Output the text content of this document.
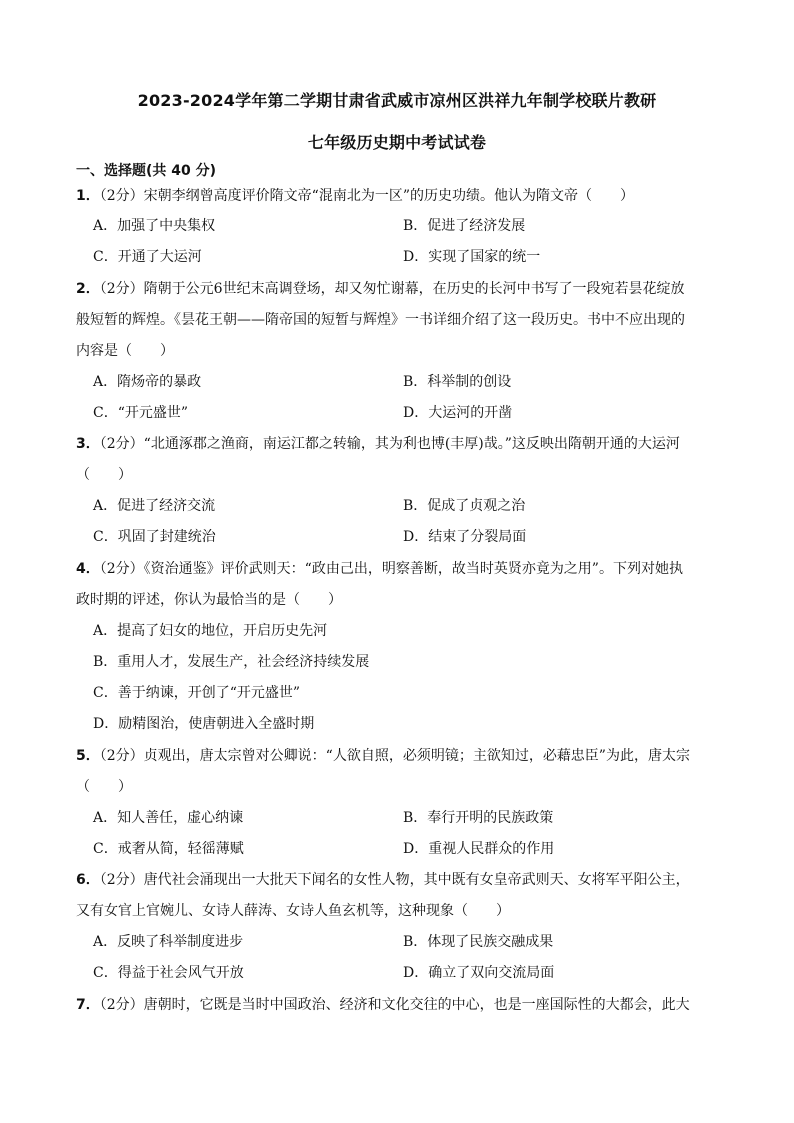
2023-2024学年第二学期甘肃省武威市凉州区洪祥九年制学校联片教研
七年级历史期中考试试卷
一、选择题(共 40 分)
1．（2分）宋朝李纲曾高度评价隋文帝“混南北为一区”的历史功绩。他认为隋文帝（　　）
A．加强了中央集权	B．促进了经济发展
C．开通了大运河	D．实现了国家的统一
2．（2分）隋朝于公元6世纪末高调登场，却又匆忙谢幕，在历史的长河中书写了一段宛若昙花绽放
般短暂的辉煌。《昙花王朝——隋帝国的短暂与辉煌》一书详细介绍了这一段历史。书中不应出现的
内容是（　　）
A．隋炀帝的暴政	B．科举制的创设
C．“开元盛世”	D．大运河的开凿
3．（2分）“北通涿郡之渔商，南运江都之转输，其为利也博(丰厚)哉。”这反映出隋朝开通的大运河
（　　）
A．促进了经济交流	B．促成了贞观之治
C．巩固了封建统治	D．结束了分裂局面
4．（2分）《资治通鉴》评价武则天：“政由己出，明察善断，故当时英贤亦竟为之用”。下列对她执
政时期的评述，你认为最恰当的是（　　）
A．提高了妇女的地位，开启历史先河
B．重用人才，发展生产，社会经济持续发展
C．善于纳谏，开创了“开元盛世”
D．励精图治，使唐朝进入全盛时期
5．（2分）贞观出，唐太宗曾对公卿说：“人欲自照，必须明镜；主欲知过，必藉忠臣”为此，唐太宗
（　　）
A．知人善任，虚心纳谏	B．奉行开明的民族政策
C．戒奢从简，轻徭薄赋	D．重视人民群众的作用
6．（2分）唐代社会涌现出一大批天下闻名的女性人物，其中既有女皇帝武则天、女将军平阳公主，
又有女官上官婉儿、女诗人薛涛、女诗人鱼玄机等，这种现象（　　）
A．反映了科举制度进步	B．体现了民族交融成果
C．得益于社会风气开放	D．确立了双向交流局面
7．（2分）唐朝时，它既是当时中国政治、经济和文化交往的中心，也是一座国际性的大都会，此大
